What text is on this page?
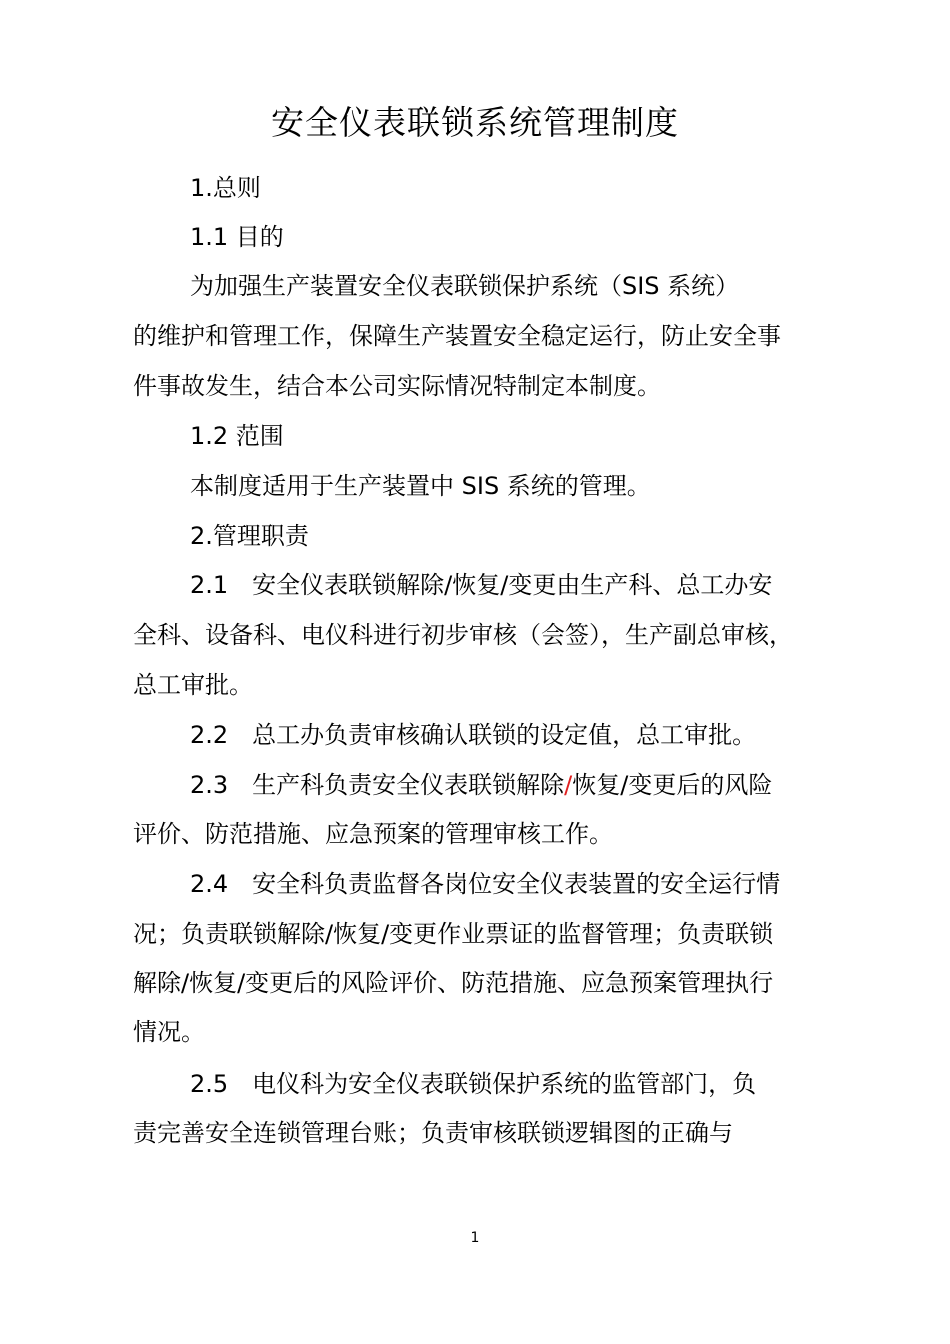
安全仪表联锁系统管理制度
1.总则
1.1 目的
为加强生产装置安全仪表联锁保护系统（SIS 系统）
的维护和管理工作，保障生产装置安全稳定运行，防止安全事
件事故发生，结合本公司实际情况特制定本制度。
1.2 范围
本制度适用于生产装置中 SIS 系统的管理。
2.管理职责
2.1 安全仪表联锁解除/恢复/变更由生产科、总工办安
全科、设备科、电仪科进行初步审核（会签），生产副总审核，
总工审批。
2.2 总工办负责审核确认联锁的设定值，总工审批。
2.3 生产科负责安全仪表联锁解除/恢复/变更后的风险
评价、防范措施、应急预案的管理审核工作。
2.4 安全科负责监督各岗位安全仪表装置的安全运行情
况；负责联锁解除/恢复/变更作业票证的监督管理；负责联锁
解除/恢复/变更后的风险评价、防范措施、应急预案管理执行
情况。
2.5 电仪科为安全仪表联锁保护系统的监管部门，负
责完善安全连锁管理台账；负责审核联锁逻辑图的正确与
1
